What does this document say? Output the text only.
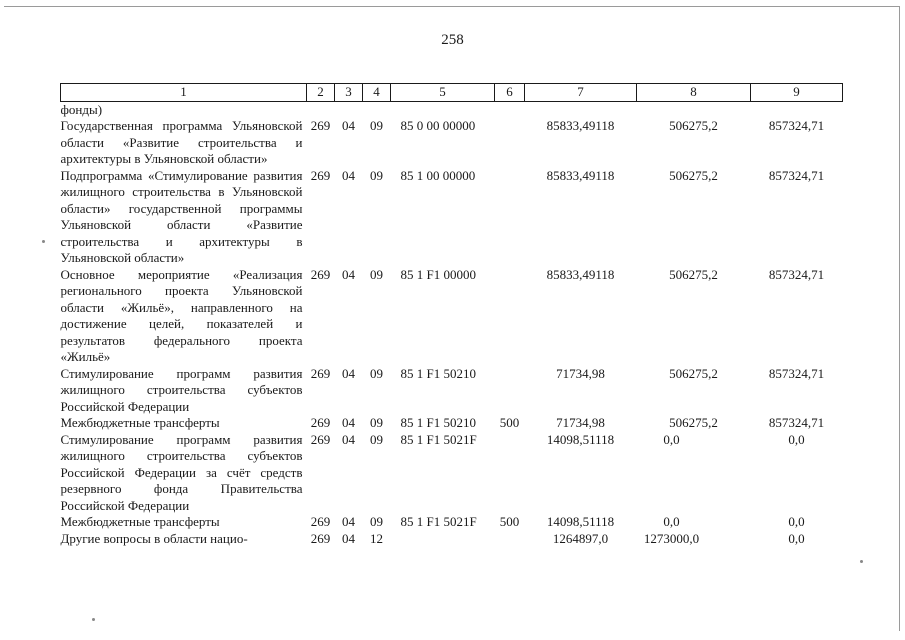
258
1	2	3	4	5	6	7	8	9
фонды)								
Государственная программа Ульяновской области «Развитие строительства и архитектуры в Ульяновской области»	269	04	09	85 0 00 00000		85833,49118	506275,2	857324,71
Подпрограмма «Стимулирование развития жилищного строительства в Ульяновской области» государственной программы Ульяновской области «Развитие строительства и архитектуры в Ульяновской области»	269	04	09	85 1 00 00000		85833,49118	506275,2	857324,71
Основное мероприятие «Реализация регионального проекта Ульяновской области «Жильё», направленного на достижение целей, показателей и результатов федерального проекта «Жильё»	269	04	09	85 1 F1 00000		85833,49118	506275,2	857324,71
Стимулирование программ развития жилищного строительства субъектов Российской Федерации	269	04	09	85 1 F1 50210		71734,98	506275,2	857324,71
Межбюджетные трансферты	269	04	09	85 1 F1 50210	500	71734,98	506275,2	857324,71
Стимулирование программ развития жилищного строительства субъектов Российской Федерации за счёт средств резервного фонда Правительства Российской Федерации	269	04	09	85 1 F1 5021F		14098,51118	0,0	0,0
Межбюджетные трансферты	269	04	09	85 1 F1 5021F	500	14098,51118	0,0	0,0
Другие вопросы в области нацио-	269	04	12			1264897,0	1273000,0	0,0
